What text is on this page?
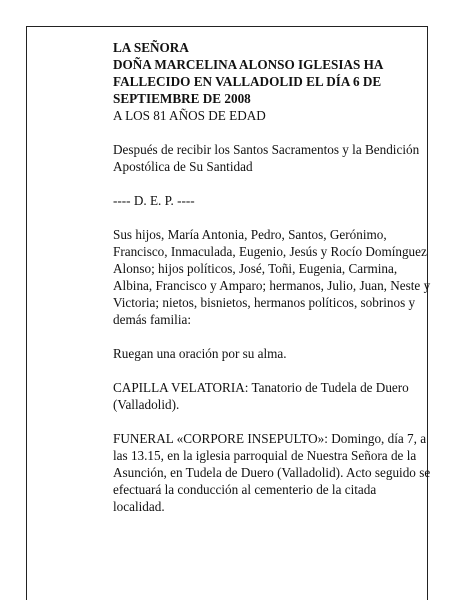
LA SEÑORA

DOÑA MARCELINA ALONSO IGLESIAS HA FALLECIDO EN VALLADOLID EL DÍA 6 DE SEPTIEMBRE DE 2008

A LOS 81 AÑOS DE EDAD

Después de recibir los Santos Sacramentos y la Bendición Apostólica de Su Santidad

---- D. E. P. ----

Sus hijos, María Antonia, Pedro, Santos, Gerónimo, Francisco, Inmaculada, Eugenio, Jesús y Rocío Domínguez Alonso; hijos políticos, José, Toñi, Eugenia, Carmina, Albina, Francisco y Amparo; hermanos, Julio, Juan, Neste y Victoria; nietos, bisnietos, hermanos políticos, sobrinos y demás familia:

Ruegan una oración por su alma.

CAPILLA VELATORIA: Tanatorio de Tudela de Duero (Valladolid).

FUNERAL «CORPORE INSEPULTO»: Domingo, día 7, a las 13.15, en la iglesia parroquial de Nuestra Señora de la Asunción, en Tudela de Duero (Valladolid). Acto seguido se efectuará la conducción al cementerio de la citada localidad.
